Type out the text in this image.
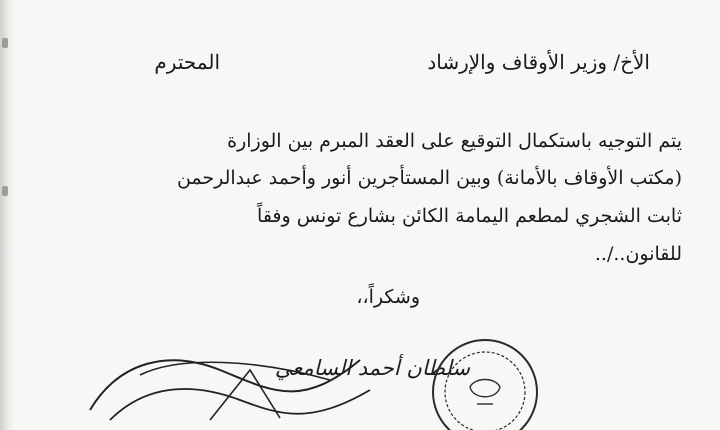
الأخ/ وزير الأوقاف والإرشاد
المحترم
يتم التوجيه باستكمال التوقيع على العقد المبرم بين الوزارة
(مكتب الأوقاف بالأمانة) وبين المستأجرين أنور وأحمد عبدالرحمن
ثابت الشجري لمطعم اليمامة الكائن بشارع تونس وفقاً
للقانون../..
وشكراً،،
سلطان أحمد السامعي
